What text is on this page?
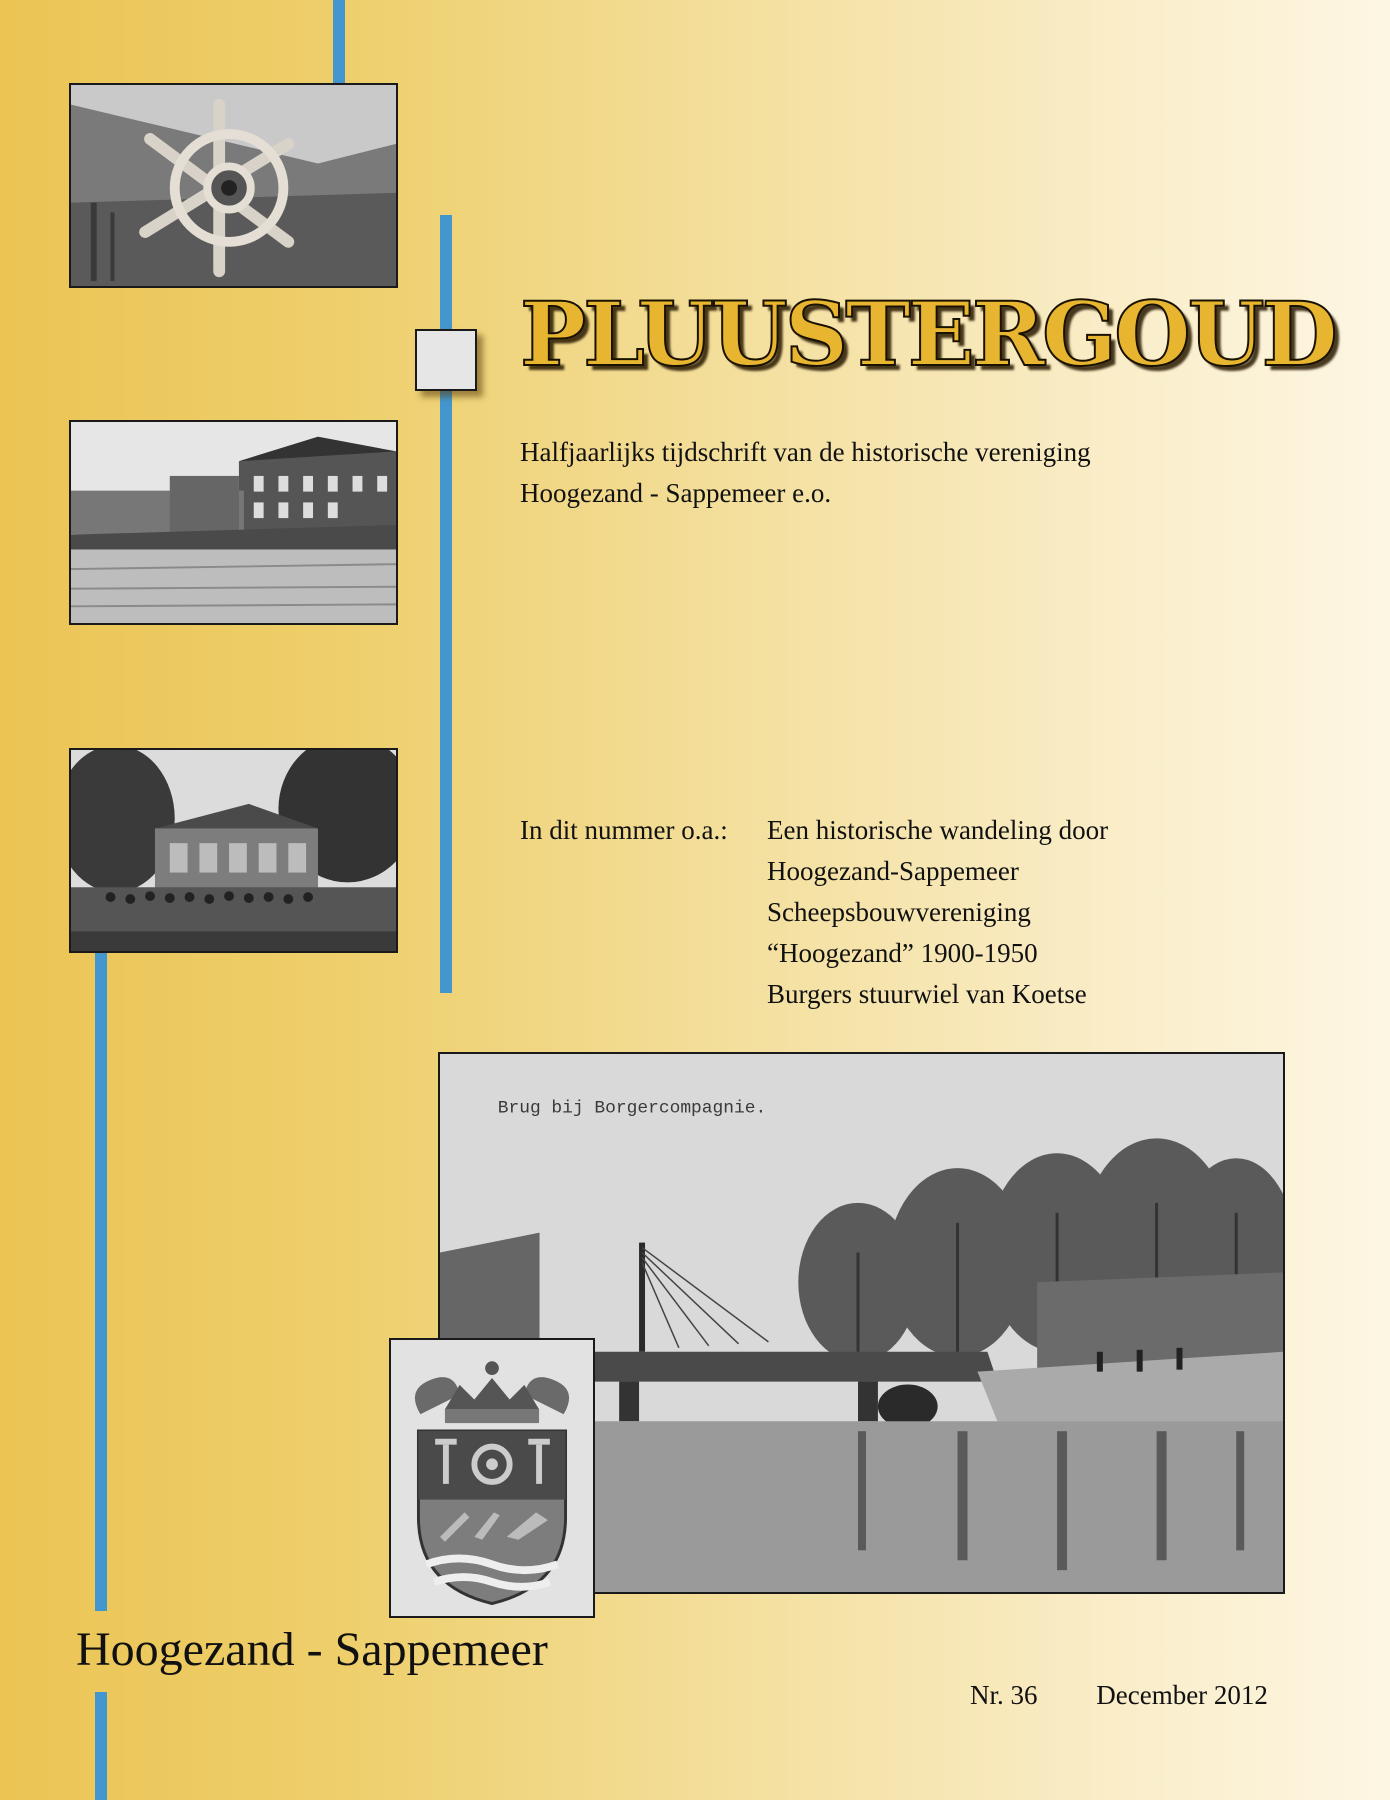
PLUUSTERGOUD
Halfjaarlijks tijdschrift van de historische vereniging
Hoogezand - Sappemeer e.o.
In dit nummer o.a.:	Een historische wandeling door
Hoogezand-Sappemeer
Scheepsbouwvereniging
“Hoogezand” 1900-1950
Burgers stuurwiel van Koetse
Brug bij Borgercompagnie.
Hoogezand - Sappemeer
Nr. 36 December 2012
